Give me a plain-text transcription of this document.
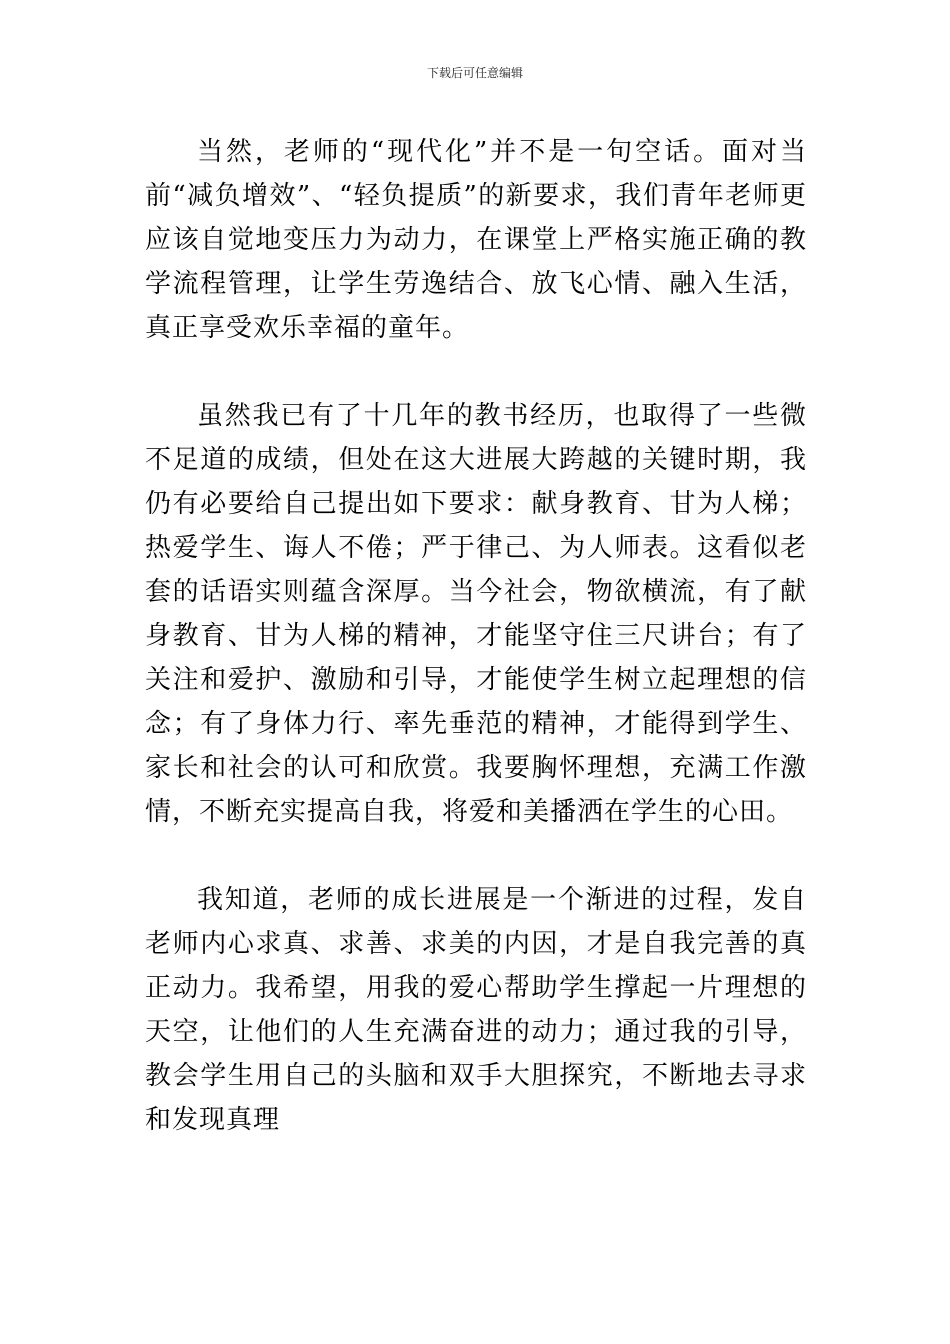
下载后可任意编辑

当然，老师的“现代化”并不是一句空话。面对当前“减负增效”、“轻负提质”的新要求，我们青年老师更应该自觉地变压力为动力，在课堂上严格实施正确的教学流程管理，让学生劳逸结合、放飞心情、融入生活，真正享受欢乐幸福的童年。

虽然我已有了十几年的教书经历，也取得了一些微不足道的成绩，但处在这大进展大跨越的关键时期，我仍有必要给自己提出如下要求：献身教育、甘为人梯；热爱学生、诲人不倦；严于律己、为人师表。这看似老套的话语实则蕴含深厚。当今社会，物欲横流，有了献身教育、甘为人梯的精神，才能坚守住三尺讲台；有了关注和爱护、激励和引导，才能使学生树立起理想的信念；有了身体力行、率先垂范的精神，才能得到学生、家长和社会的认可和欣赏。我要胸怀理想，充满工作激情，不断充实提高自我，将爱和美播洒在学生的心田。

我知道，老师的成长进展是一个渐进的过程，发自老师内心求真、求善、求美的内因，才是自我完善的真正动力。我希望，用我的爱心帮助学生撑起一片理想的天空，让他们的人生充满奋进的动力；通过我的引导，教会学生用自己的头脑和双手大胆探究，不断地去寻求和发现真理
